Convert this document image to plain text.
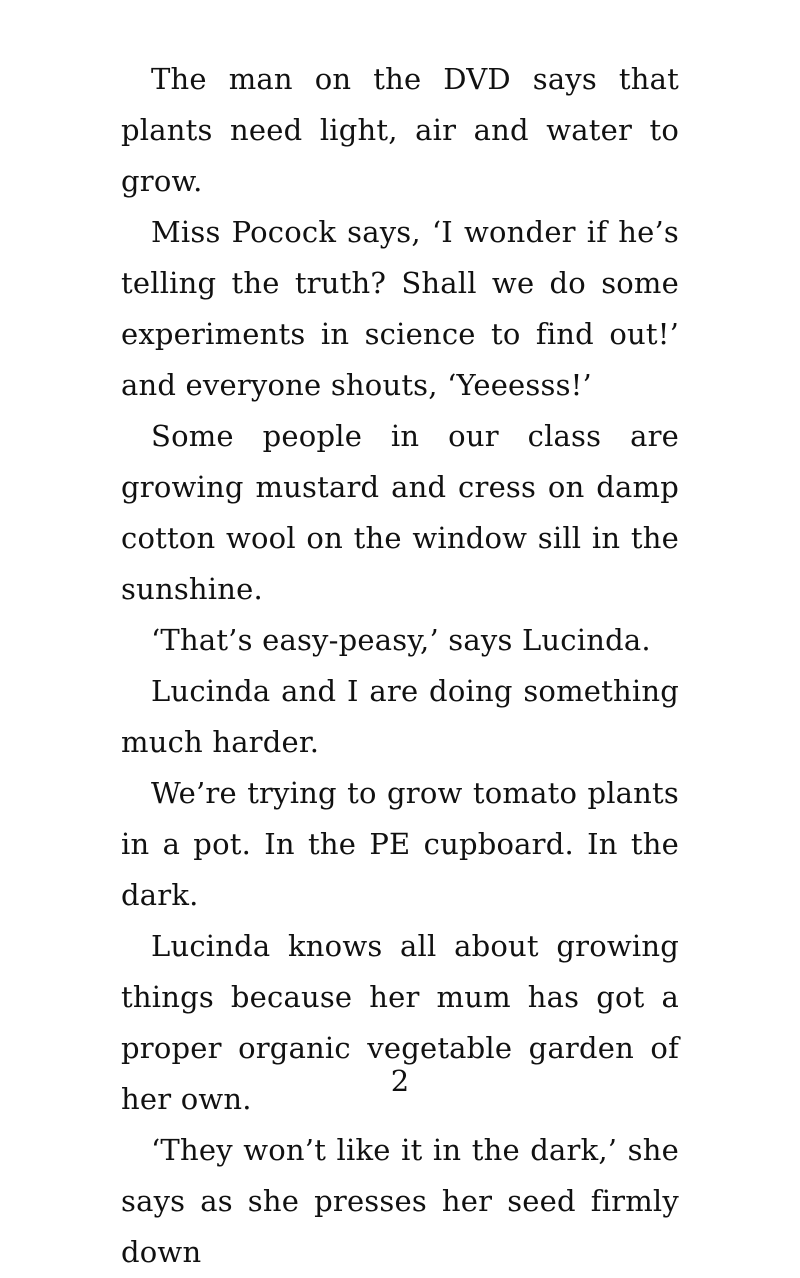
The man on the DVD says that plants need light, air and water to grow.

Miss Pocock says, ‘I wonder if he’s telling the truth? Shall we do some experiments in science to find out!’ and everyone shouts, ‘Yeeesss!’

Some people in our class are growing mustard and cress on damp cotton wool on the window sill in the sunshine.

‘That’s easy-peasy,’ says Lucinda.

Lucinda and I are doing something much harder.

We’re trying to grow tomato plants in a pot. In the PE cupboard. In the dark.

Lucinda knows all about growing things because her mum has got a proper organic vegetable garden of her own.

‘They won’t like it in the dark,’ she says as she presses her seed firmly down

2
